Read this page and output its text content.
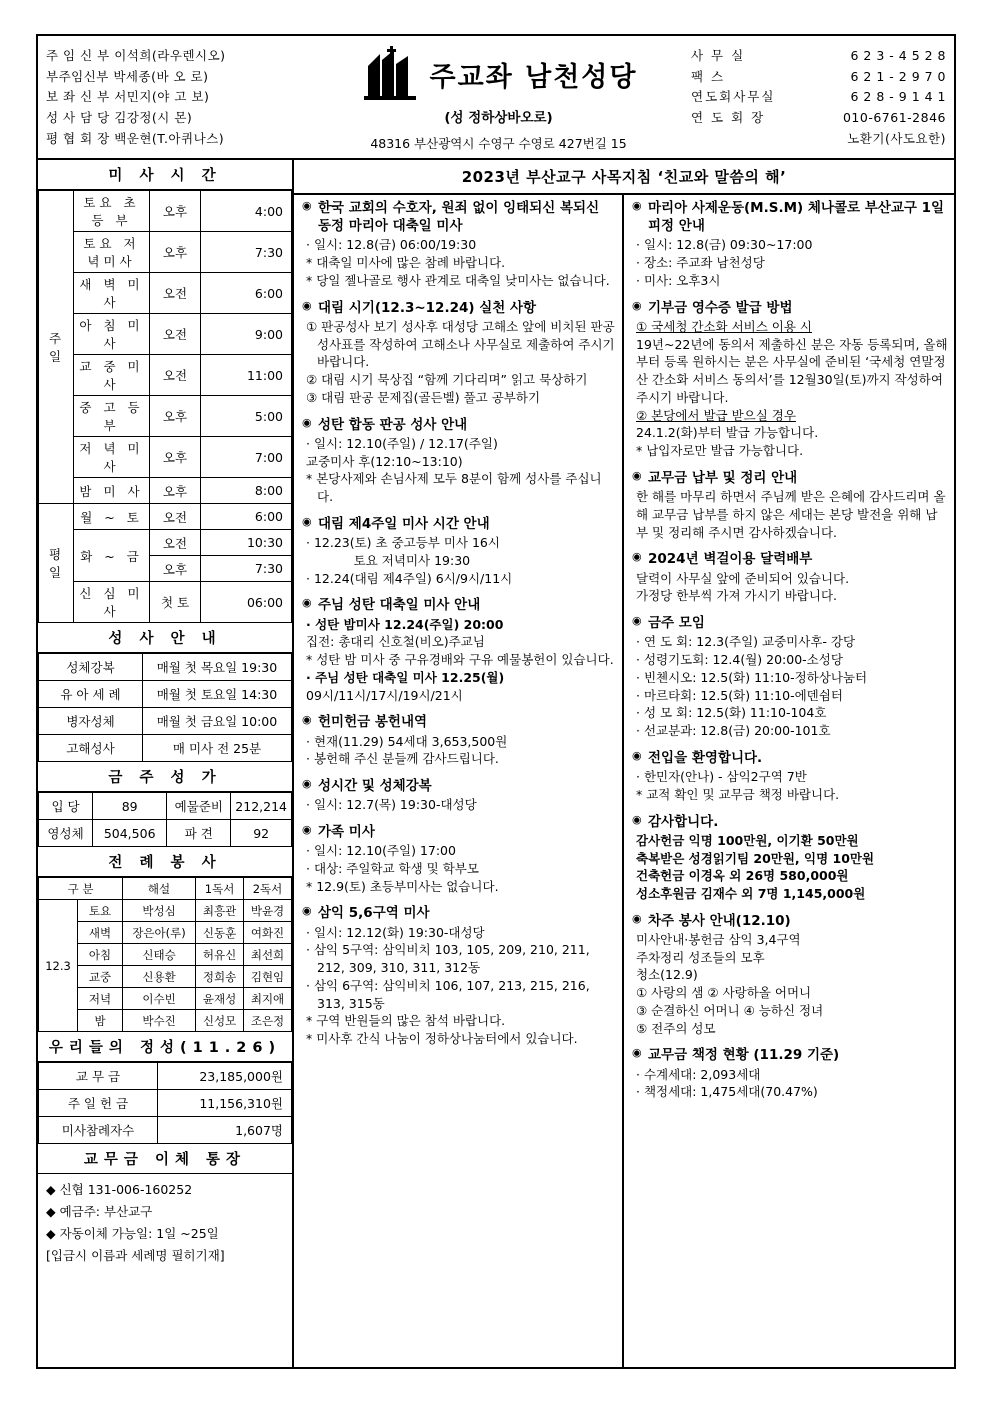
주 임 신 부 이석희(라우렌시오)
부주임신부 박세종(바 오 로)
보 좌 신 부 서민지(야 고 보)
성 사 담 당 김강정(시 몬)
평 협 회 장 백운현(T.아퀴나스)
주교좌 남천성당
(성 정하상바오로)
48316 부산광역시 수영구 수영로 427번길 15
사 무 실	6 2 3 - 4 5 2 8
팩 스	6 2 1 - 2 9 7 0
연도회사무실	6 2 8 - 9 1 4 1
연 도 회 장	010-6761-2846
노환기(사도요한)
미 사 시 간
주 일	토요 초 등 부	오후	4:00
	토요 저녁미사	오후	7:30
	새 벽 미 사	오전	6:00
	아 침 미 사	오전	9:00
	교 중 미 사	오전	11:00
	중 고 등 부	오후	5:00
	저 녁 미 사	오후	7:00
	밤 미 사	오후	8:00
평 일	월 ~ 토	오전	6:00
	화 ~ 금	오전	10:30
		오후	7:30
	신 심 미 사	첫 토	06:00
성 사 안 내
성체강복	매월 첫 목요일 19:30
유 아 세 례	매월 첫 토요일 14:30
병자성체	매월 첫 금요일 10:00
고해성사	매 미사 전 25분
금 주 성 가
입 당	89	예물준비	212,214
영성체	504,506	파 견	92
전 례 봉 사
구 분		해설	1독서	2독서
12.3	토요	박성심	최흥관	박윤경
	새벽	장은아(루)	신동훈	여화진
	아침	신태승	허유신	최선희
	교중	신용환	정희송	김현임
	저녁	이수빈	윤재성	최지애
	밤	박수진	신성모	조은정
우리들의 정성(11.26)
교 무 금	23,185,000원
주 일 헌 금	11,156,310원
미사참례자수	1,607명
교무금 이체 통장
◆ 신협 131-006-160252
◆ 예금주: 부산교구
◆ 자동이체 가능일: 1일 ~25일
[입금시 이름과 세례명 필히기재]
2023년 부산교구 사목지침 ‘친교와 말씀의 해’
◉ 한국 교회의 수호자, 원죄 없이 잉태되신 복되신 동정 마리아 대축일 미사
· 일시: 12.8(금) 06:00/19:30
* 대축일 미사에 많은 참례 바랍니다.
* 당일 젤나골로 행사 관계로 대축일 낮미사는 없습니다.
◉ 대림 시기(12.3~12.24) 실천 사항
① 판공성사 보기 성사후 대성당 고해소 앞에 비치된 판공성사표를 작성하여 고해소나 사무실로 제출하여 주시기 바랍니다.
② 대림 시기 묵상집 “함께 기다리며” 읽고 묵상하기
③ 대림 판공 문제집(골든벨) 풀고 공부하기
◉ 성탄 합동 판공 성사 안내
· 일시: 12.10(주일) / 12.17(주일)
교중미사 후(12:10~13:10)
* 본당사제와 손님사제 모두 8분이 함께 성사를 주십니다.
◉ 대림 제4주일 미사 시간 안내
· 12.23(토) 초 중고등부 미사 16시
토요 저녁미사 19:30
· 12.24(대림 제4주일) 6시/9시/11시
◉ 주님 성탄 대축일 미사 안내
· 성탄 밤미사 12.24(주일) 20:00
집전: 총대리 신호철(비오)주교님
* 성탄 밤 미사 중 구유경배와 구유 예물봉헌이 있습니다.
· 주님 성탄 대축일 미사 12.25(월)
09시/11시/17시/19시/21시
◉ 헌미헌금 봉헌내역
· 현재(11.29) 54세대 3,653,500원
· 봉헌해 주신 분들께 감사드립니다.
◉ 성시간 및 성체강복
· 일시: 12.7(목) 19:30-대성당
◉ 가족 미사
· 일시: 12.10(주일) 17:00
· 대상: 주일학교 학생 및 학부모
* 12.9(토) 초등부미사는 없습니다.
◉ 삼익 5,6구역 미사
· 일시: 12.12(화) 19:30-대성당
· 삼익 5구역: 삼익비치 103, 105, 209, 210, 211, 212, 309, 310, 311, 312동
· 삼익 6구역: 삼익비치 106, 107, 213, 215, 216, 313, 315동
* 구역 반원들의 많은 참석 바랍니다.
* 미사후 간식 나눔이 정하상나눔터에서 있습니다.
◉ 마리아 사제운동(M.S.M) 체나콜로 부산교구 1일 피정 안내
· 일시: 12.8(금) 09:30~17:00
· 장소: 주교좌 남천성당
· 미사: 오후3시
◉ 기부금 영수증 발급 방법
① 국세청 간소화 서비스 이용 시
19년~22년에 동의서 제출하신 분은 자동 등록되며, 올해부터 등록 원하시는 분은 사무실에 준비된 ‘국세청 연말정산 간소화 서비스 동의서’를 12월30일(토)까지 작성하여 주시기 바랍니다.
② 본당에서 발급 받으실 경우
24.1.2(화)부터 발급 가능합니다.
* 납입자로만 발급 가능합니다.
◉ 교무금 납부 및 정리 안내
한 해를 마무리 하면서 주님께 받은 은혜에 감사드리며 올해 교무금 납부를 하지 않은 세대는 본당 발전을 위해 납부 및 정리해 주시면 감사하겠습니다.
◉ 2024년 벽걸이용 달력배부
달력이 사무실 앞에 준비되어 있습니다.
가정당 한부씩 가져 가시기 바랍니다.
◉ 금주 모임
· 연 도 회: 12.3(주일) 교중미사후- 강당
· 성령기도회: 12.4(월) 20:00-소성당
· 빈첸시오: 12.5(화) 11:10-정하상나눔터
· 마르타회: 12.5(화) 11:10-에덴쉼터
· 성 모 회: 12.5(화) 11:10-104호
· 선교분과: 12.8(금) 20:00-101호
◉ 전입을 환영합니다.
· 한민자(안나) - 삼익2구역 7반
* 교적 확인 및 교무금 책정 바랍니다.
◉ 감사합니다.
감사헌금 익명 100만원, 이기환 50만원
축복받은 성경읽기팀 20만원, 익명 10만원
건축헌금 이경옥 외 26명 580,000원
성소후원금 김재수 외 7명 1,145,000원
◉ 차주 봉사 안내(12.10)
미사안내·봉헌금 삼익 3,4구역
주차정리 성조들의 모후
청소(12.9)
① 사랑의 샘 ② 사랑하올 어머니
③ 순결하신 어머니 ④ 능하신 정녀
⑤ 전주의 성모
◉ 교무금 책정 현황 (11.29 기준)
· 수계세대: 2,093세대
· 책정세대: 1,475세대(70.47%)
